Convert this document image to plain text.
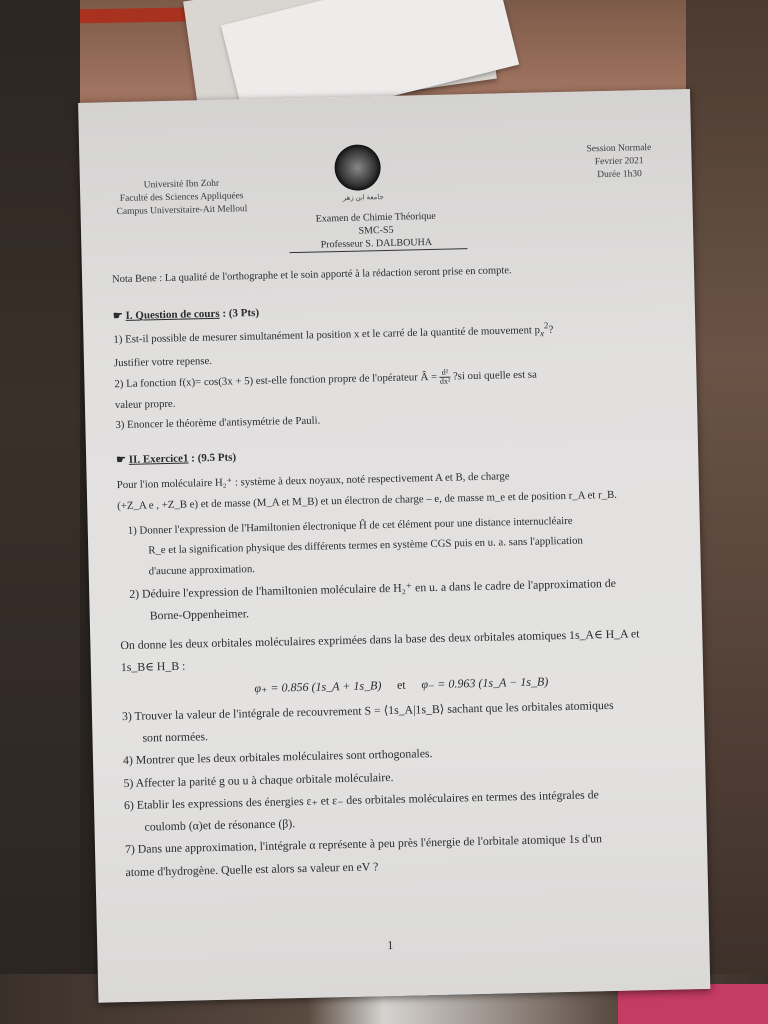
Université Ibn Zohr
Faculté des Sciences Appliquées
Campus Universitaire-Ait Melloul
جامعة ابن زهر
Session Normale
Fevrier 2021
Durée 1h30
Examen de Chimie Théorique
SMC-S5
Professeur S. DALBOUHA
Nota Bene : La qualité de l'orthographe et le soin apporté à la rédaction seront prise en compte.
☛ I. Question de cours : (3 Pts)
1) Est-il possible de mesurer simultanément la position x et le carré de la quantité de mouvement $p_x^2$?
Justifier votre repense.
2) La fonction f(x)= cos(3x + 5) est-elle fonction propre de l'opérateur Â = $\frac{\text{d²}}{\text{dx²}}$ ?si oui quelle est sa
valeur propre.
3) Enoncer le théorème d'antisymétrie de Pauli.
☛ II. Exercice1 : (9.5 Pts)
Pour l'ion moléculaire H₂⁺ : système à deux noyaux, noté respectivement A et B, de charge
(+Z_A e , +Z_B e) et de masse (M_A et M_B) et un électron de charge – e, de masse m_e et de position r_A et r_B.
1) Donner l'expression de l'Hamiltonien électronique Ĥ de cet élément pour une distance internucléaire
R_e et la signification physique des différents termes en système CGS puis en u. a. sans l'application
d'aucune approximation.
2) Déduire l'expression de l'hamiltonien moléculaire de H₂⁺ en u. a dans le cadre de l'approximation de
Borne-Oppenheimer.
On donne les deux orbitales moléculaires exprimées dans la base des deux orbitales atomiques 1s_A∈ H_A et
1s_B∈ H_B :
φ₊ = 0.856 (1s_A + 1s_B) et φ₋ = 0.963 (1s_A − 1s_B)
3) Trouver la valeur de l'intégrale de recouvrement S = ⟨1s_A|1s_B⟩ sachant que les orbitales atomiques
sont normées.
4) Montrer que les deux orbitales moléculaires sont orthogonales.
5) Affecter la parité g ou u à chaque orbitale moléculaire.
6) Etablir les expressions des énergies ε₊ et ε₋ des orbitales moléculaires en termes des intégrales de
coulomb (α)et de résonance (β).
7) Dans une approximation, l'intégrale α représente à peu près l'énergie de l'orbitale atomique 1s d'un
atome d'hydrogène. Quelle est alors sa valeur en eV ?
1
